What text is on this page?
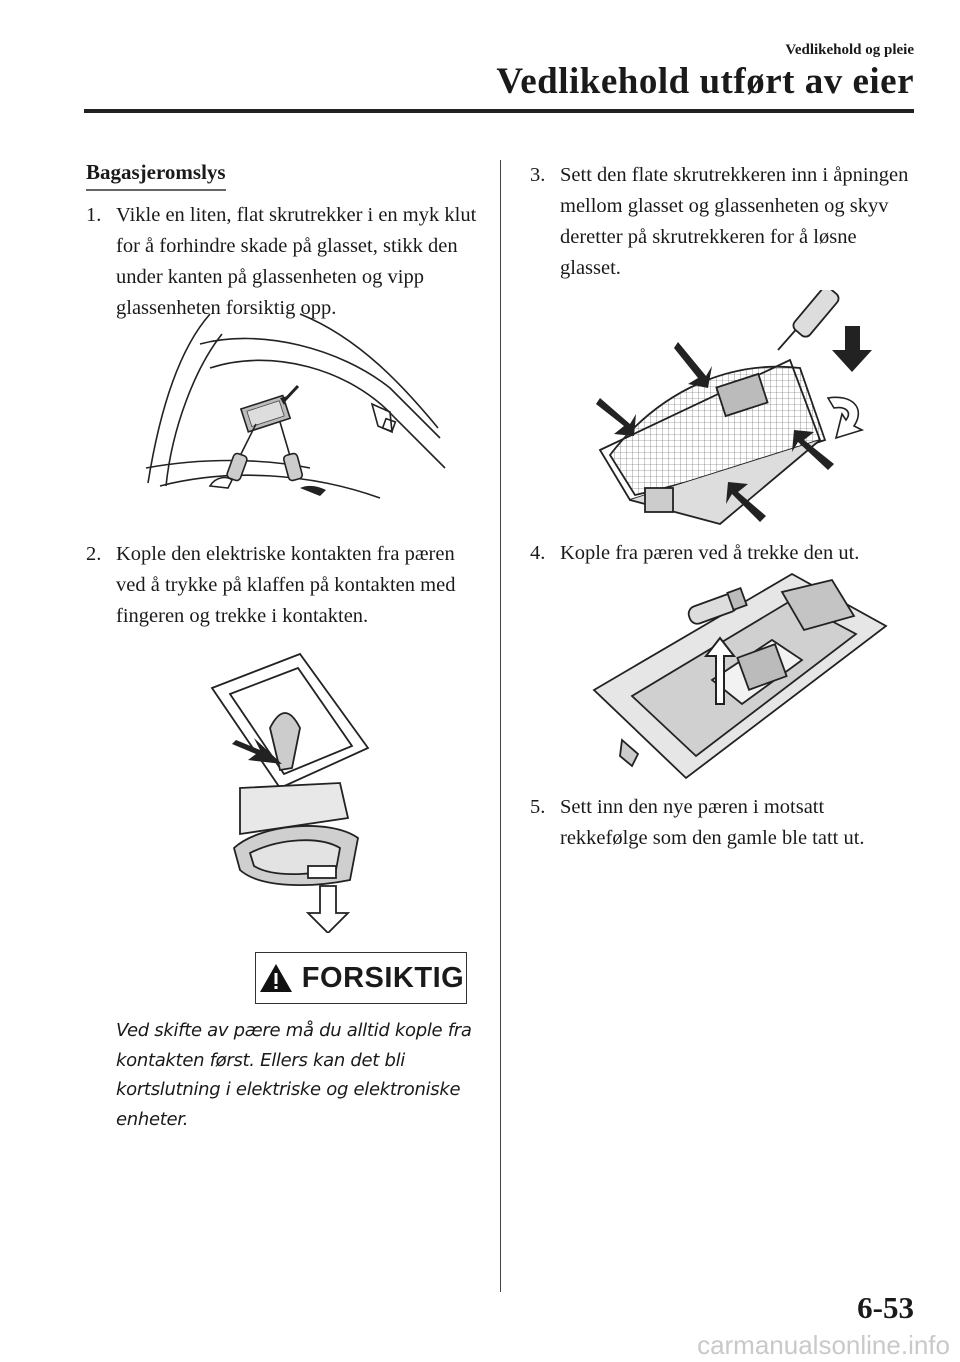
Vedlikehold og pleie
Vedlikehold utført av eier
Bagasjeromslys
1. Vikle en liten, flat skrutrekker i en myk klut for å forhindre skade på glasset, stikk den under kanten på glassenheten og vipp glassenheten forsiktig opp.
2. Kople den elektriske kontakten fra pæren ved å trykke på klaffen på kontakten med fingeren og trekke i kontakten.
FORSIKTIG
Ved skifte av pære må du alltid kople fra kontakten først. Ellers kan det bli kortslutning i elektriske og elektroniske enheter.
3. Sett den flate skrutrekkeren inn i åpningen mellom glasset og glassenheten og skyv deretter på skrutrekkeren for å løsne glasset.
4. Kople fra pæren ved å trekke den ut.
5. Sett inn den nye pæren i motsatt rekkefølge som den gamle ble tatt ut.
6-53
carmanualsonline.info
